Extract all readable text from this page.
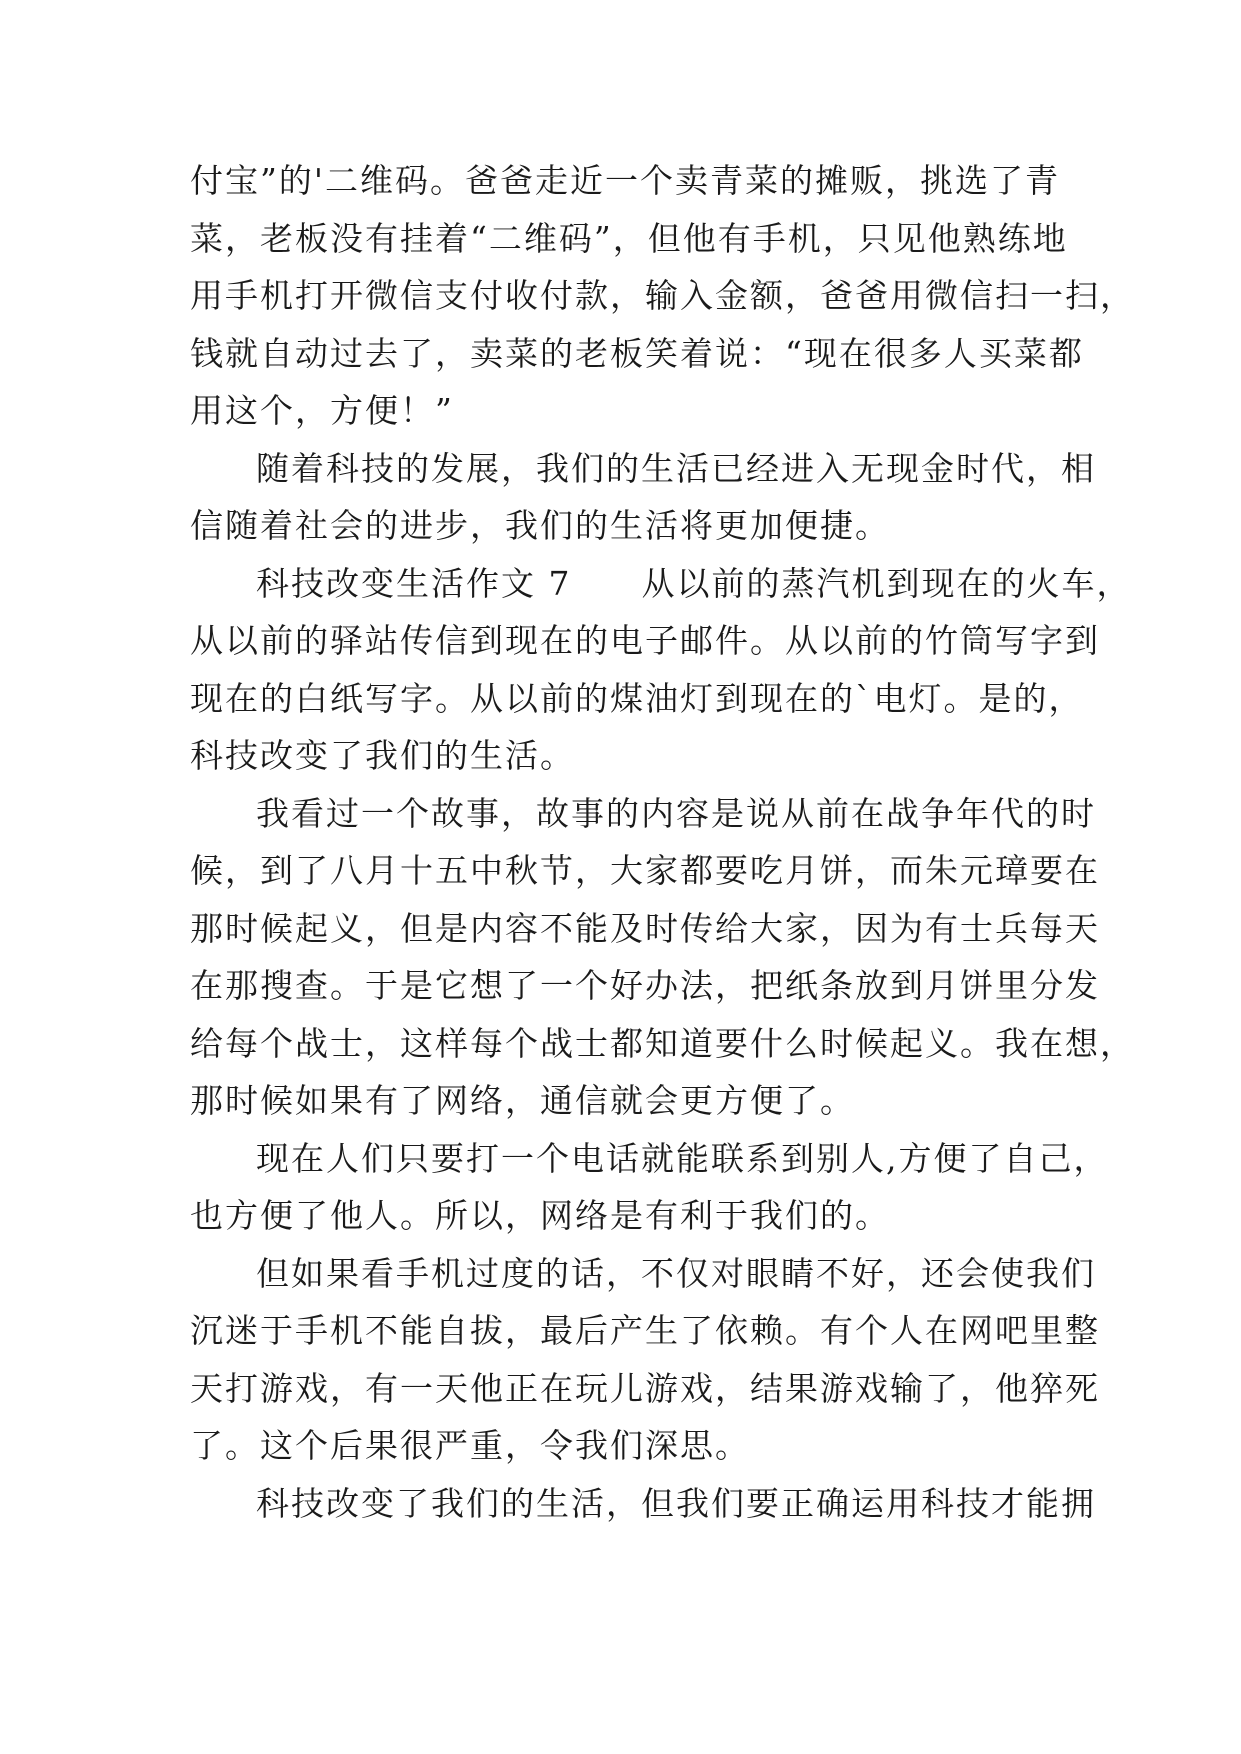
付宝”的'二维码。爸爸走近一个卖青菜的摊贩，挑选了青
菜，老板没有挂着“二维码”，但他有手机，只见他熟练地
用手机打开微信支付收付款，输入金额，爸爸用微信扫一扫，
钱就自动过去了，卖菜的老板笑着说：“现在很多人买菜都
用这个，方便！”
随着科技的发展，我们的生活已经进入无现金时代，相
信随着社会的进步，我们的生活将更加便捷。
科技改变生活作文 7　　从以前的蒸汽机到现在的火车，
从以前的驿站传信到现在的电子邮件。从以前的竹筒写字到
现在的白纸写字。从以前的煤油灯到现在的`电灯。是的，
科技改变了我们的生活。
我看过一个故事，故事的内容是说从前在战争年代的时
候，到了八月十五中秋节，大家都要吃月饼，而朱元璋要在
那时候起义，但是内容不能及时传给大家，因为有士兵每天
在那搜查。于是它想了一个好办法，把纸条放到月饼里分发
给每个战士，这样每个战士都知道要什么时候起义。我在想，
那时候如果有了网络，通信就会更方便了。
现在人们只要打一个电话就能联系到别人,方便了自己，
也方便了他人。所以，网络是有利于我们的。
但如果看手机过度的话，不仅对眼睛不好，还会使我们
沉迷于手机不能自拔，最后产生了依赖。有个人在网吧里整
天打游戏，有一天他正在玩儿游戏，结果游戏输了，他猝死
了。这个后果很严重，令我们深思。
科技改变了我们的生活，但我们要正确运用科技才能拥
